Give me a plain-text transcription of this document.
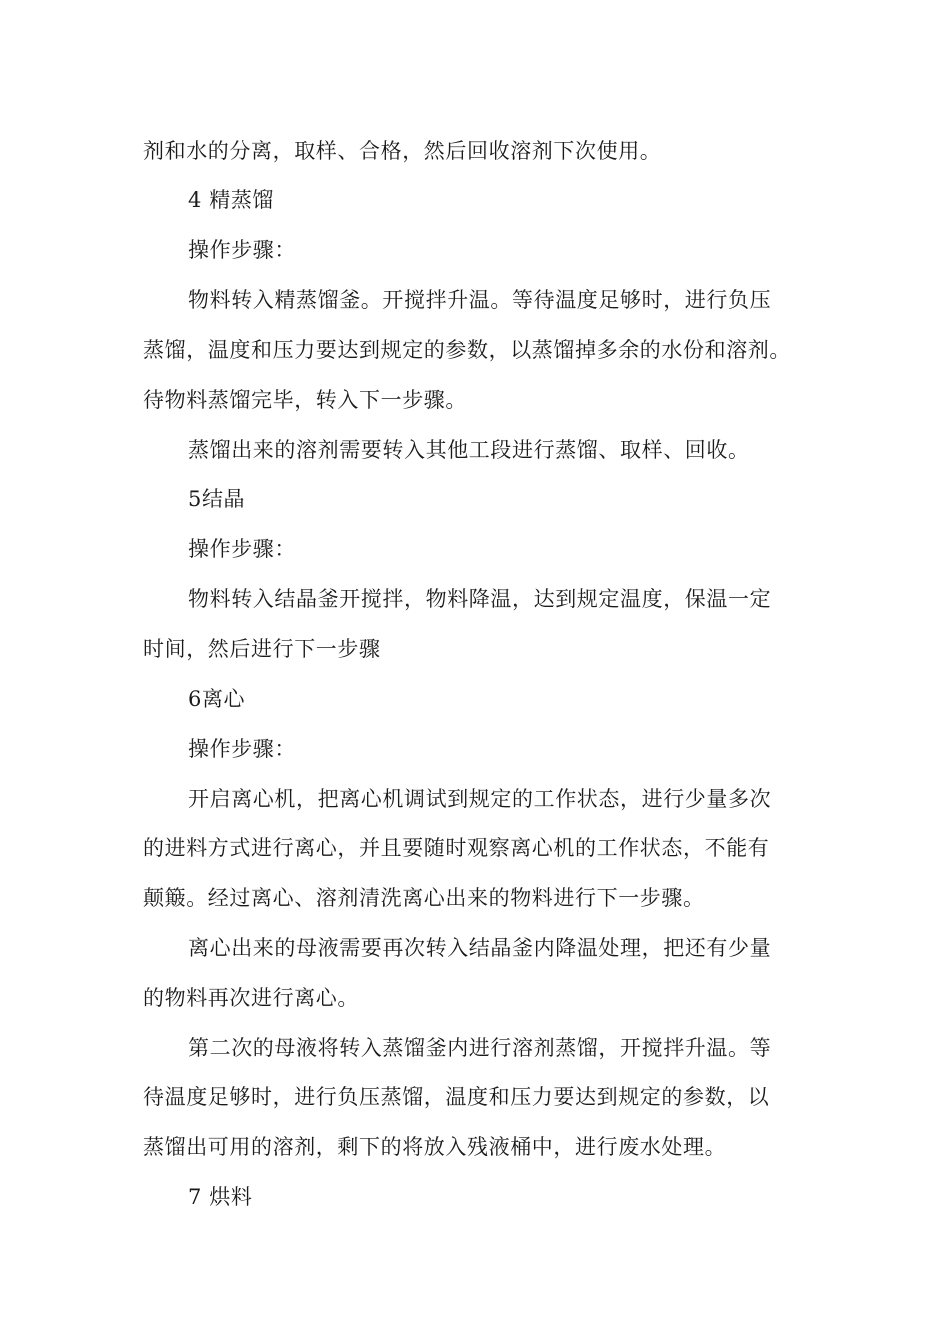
剂和水的分离，取样、合格，然后回收溶剂下次使用。
4 精蒸馏
操作步骤：
物料转入精蒸馏釜。开搅拌升温。等待温度足够时，进行负压
蒸馏，温度和压力要达到规定的参数，以蒸馏掉多余的水份和溶剂。
待物料蒸馏完毕，转入下一步骤。
蒸馏出来的溶剂需要转入其他工段进行蒸馏、取样、回收。
5结晶
操作步骤：
物料转入结晶釜开搅拌，物料降温，达到规定温度，保温一定
时间，然后进行下一步骤
6离心
操作步骤：
开启离心机，把离心机调试到规定的工作状态，进行少量多次
的进料方式进行离心，并且要随时观察离心机的工作状态，不能有
颠簸。经过离心、溶剂清洗离心出来的物料进行下一步骤。
离心出来的母液需要再次转入结晶釜内降温处理，把还有少量
的物料再次进行离心。
第二次的母液将转入蒸馏釜内进行溶剂蒸馏，开搅拌升温。等
待温度足够时，进行负压蒸馏，温度和压力要达到规定的参数，以
蒸馏出可用的溶剂，剩下的将放入残液桶中，进行废水处理。
7 烘料
